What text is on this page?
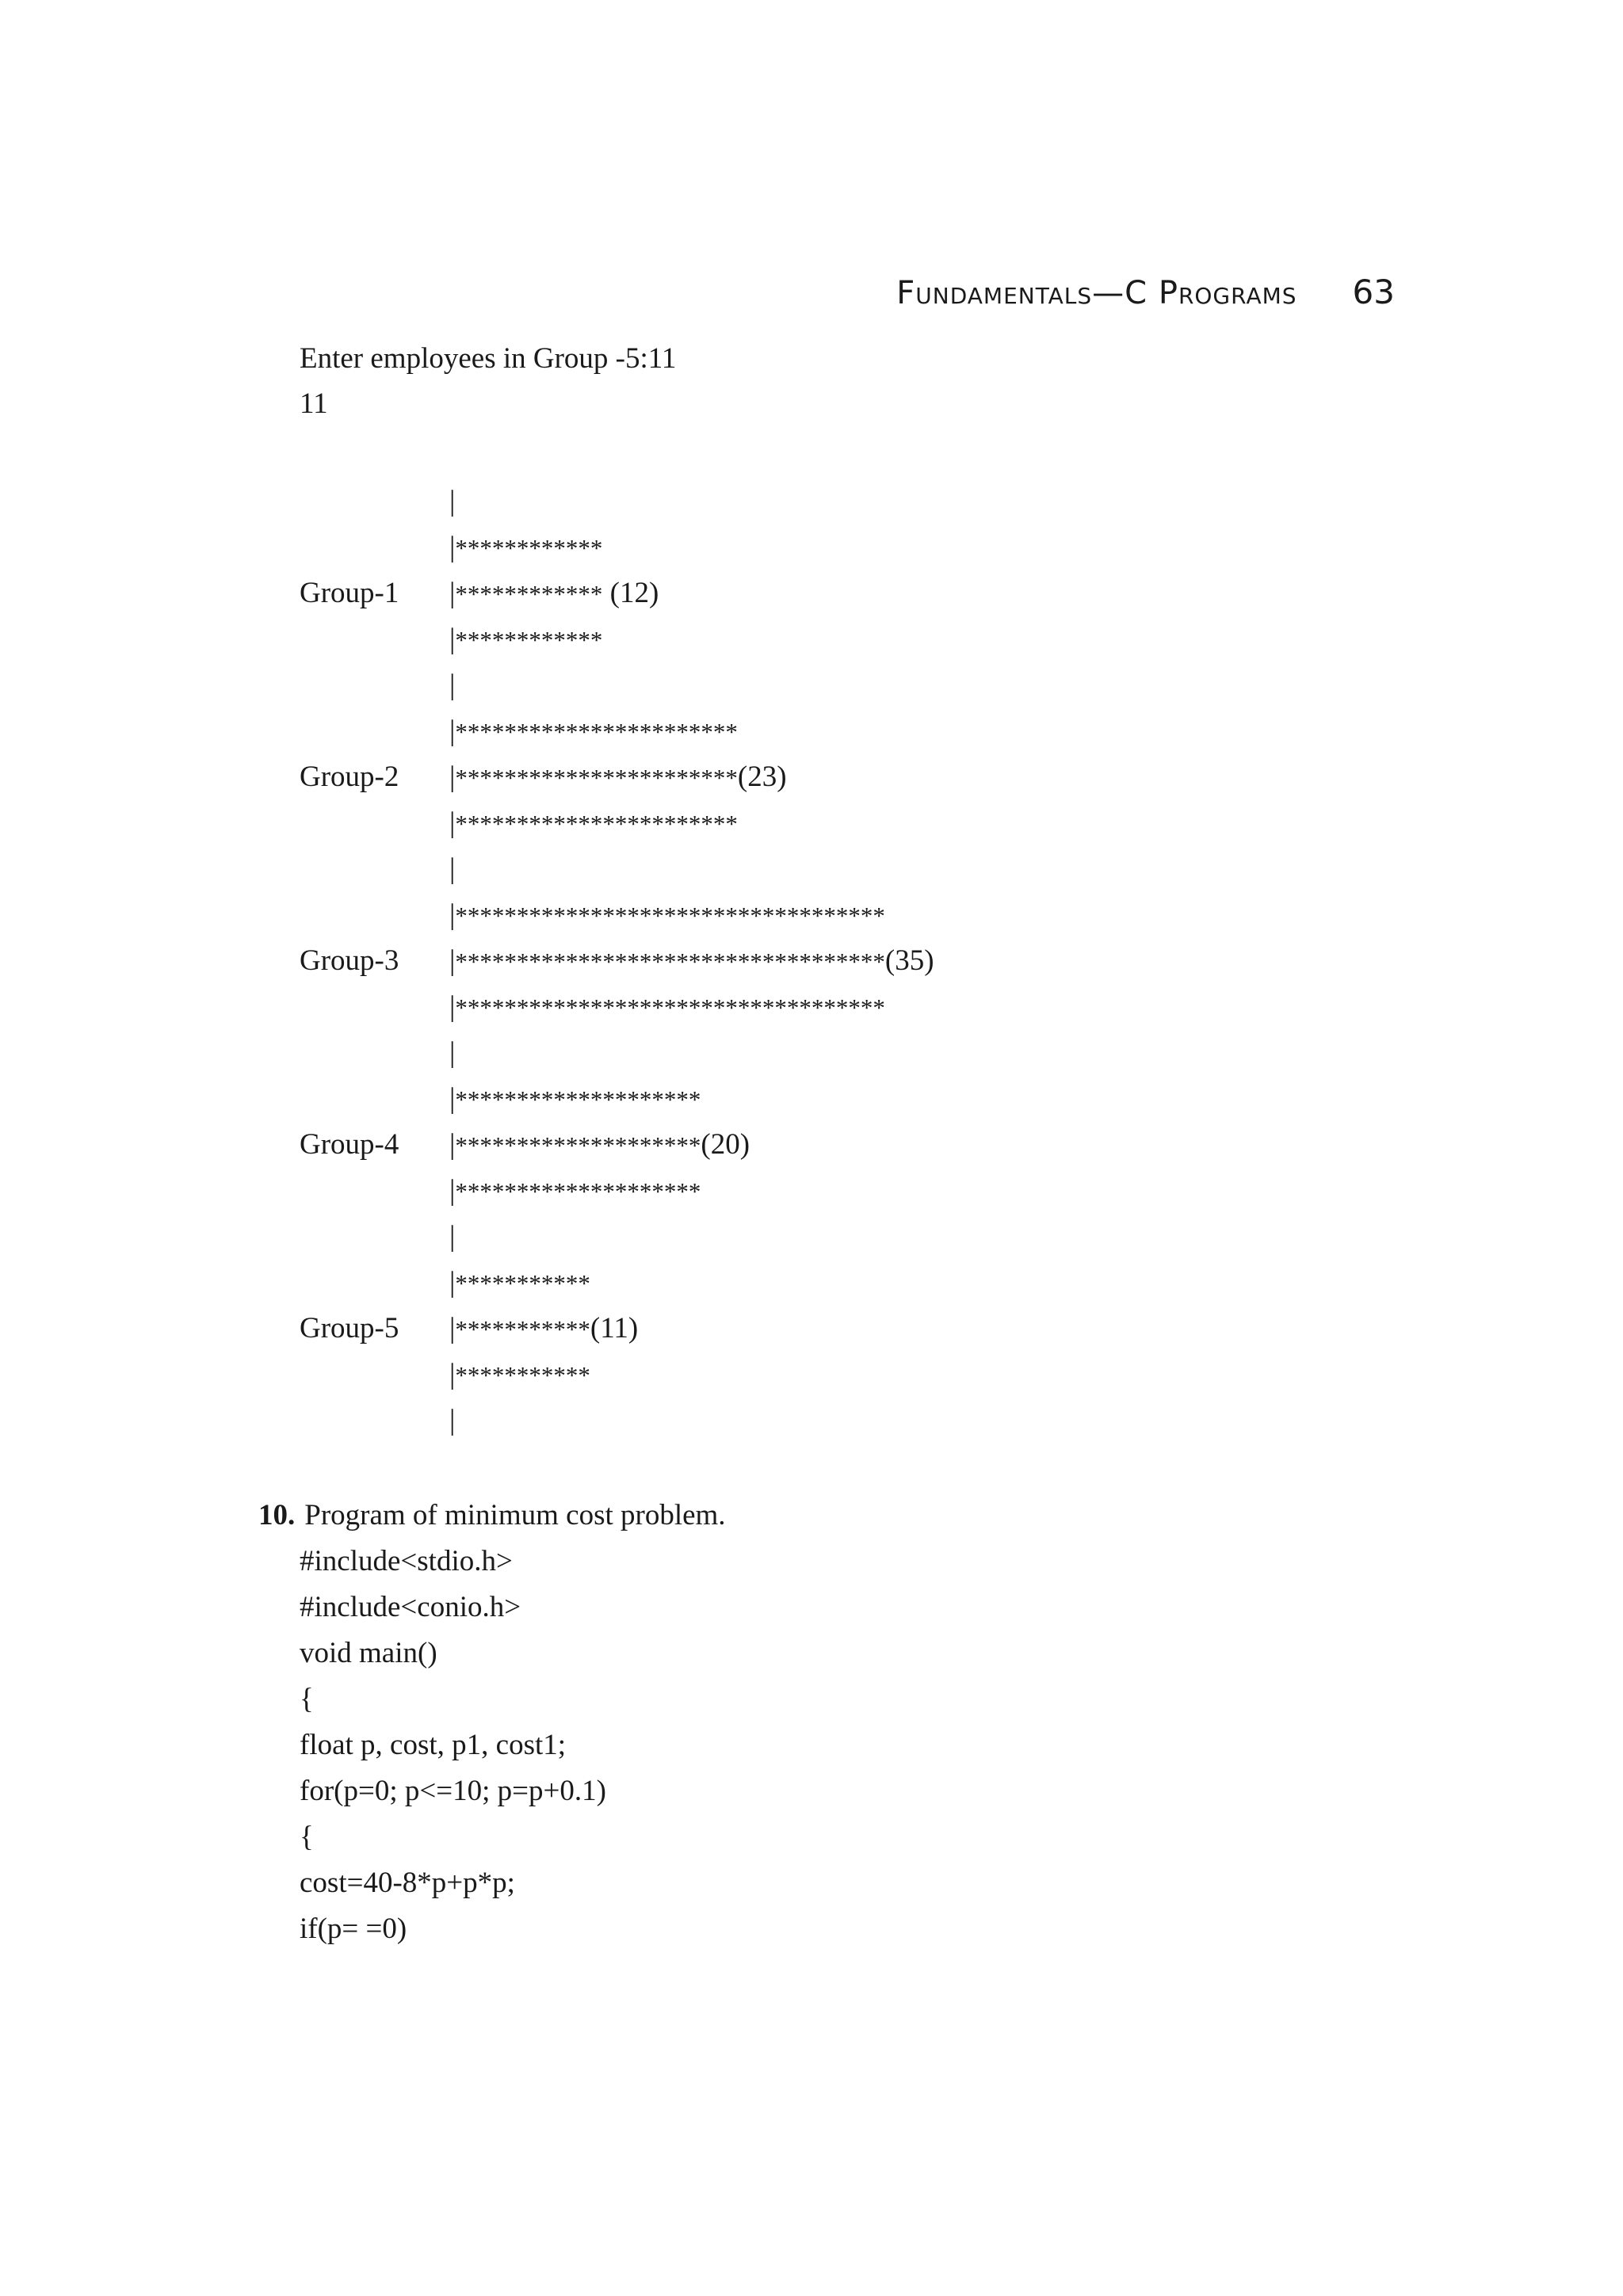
Fundamentals—C Programs 63
Enter employees in Group -5:11
11
|
|************
Group-1 |************ (12)
|************
|
|***********************
Group-2 |***********************(23)
|***********************
|
|***********************************
Group-3 |***********************************(35)
|***********************************
|
|********************
Group-4 |********************(20)
|********************
|
|***********
Group-5 |***********(11)
|***********
|
10. Program of minimum cost problem.
#include<stdio.h>
#include<conio.h>
void main()
{
float p, cost, p1, cost1;
for(p=0; p<=10; p=p+0.1)
{
cost=40-8*p+p*p;
if(p= =0)
